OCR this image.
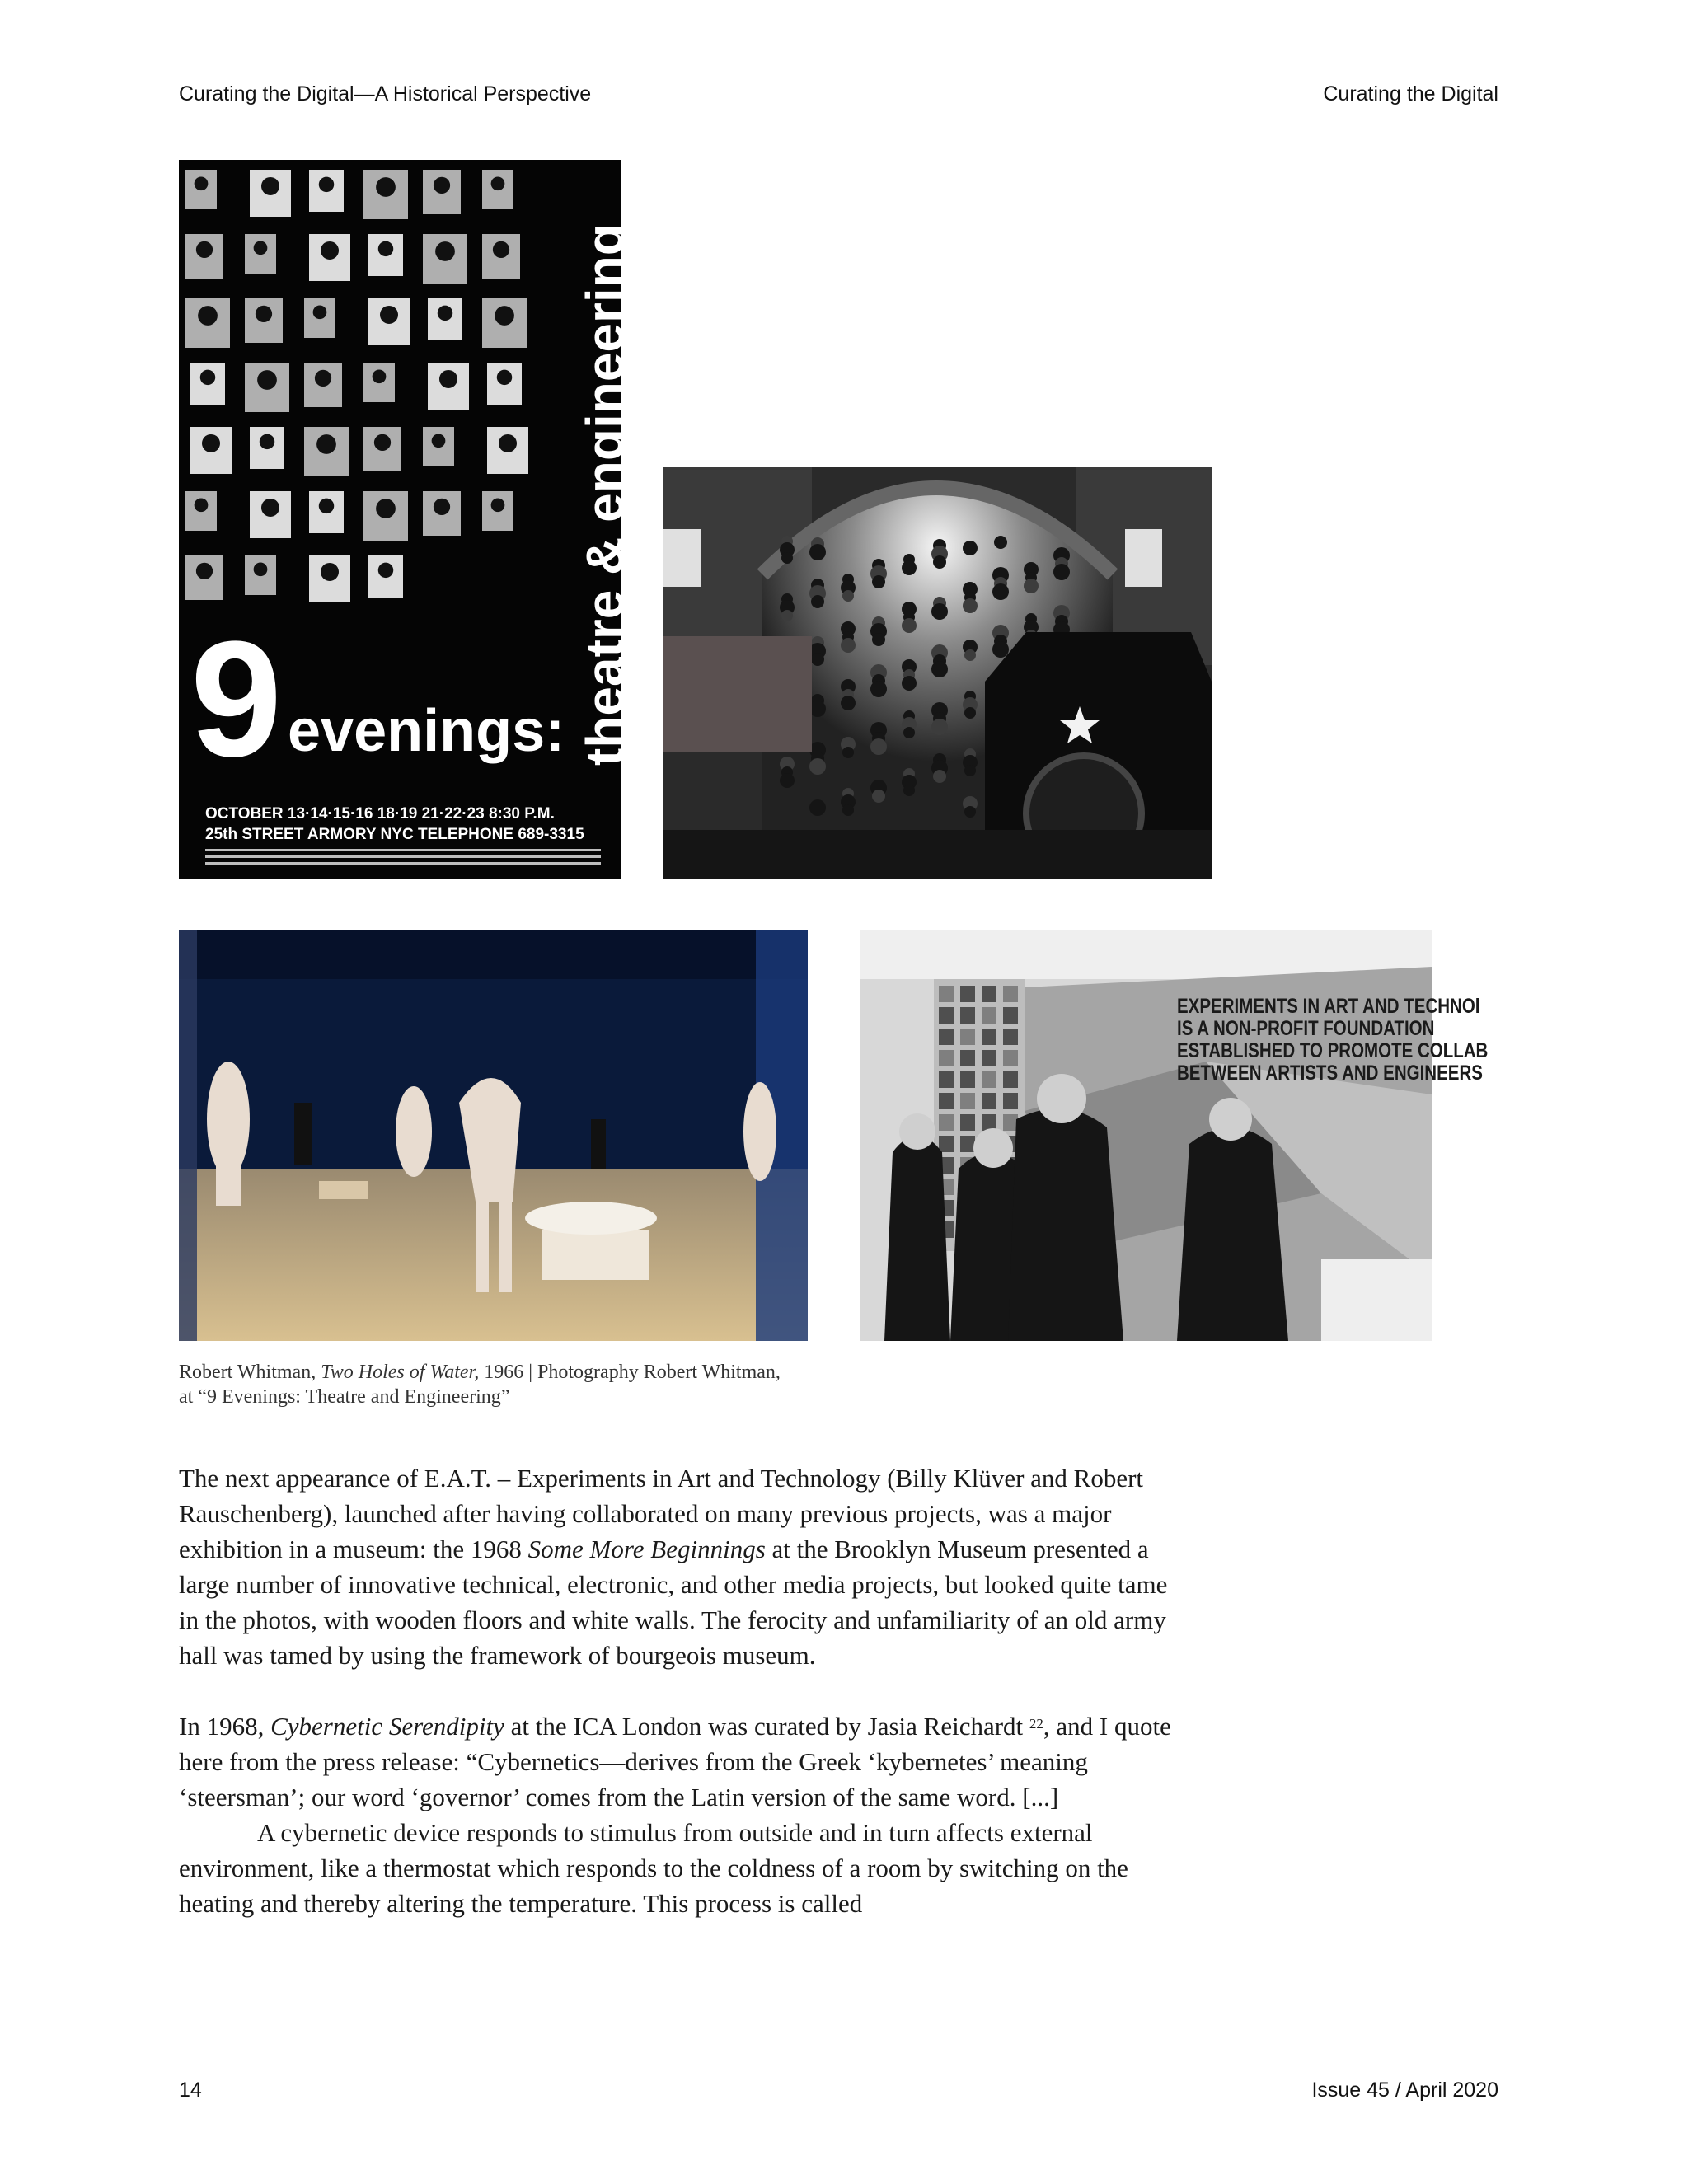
Curating the Digital—A Historical Perspective	Curating the Digital
9 evenings: theatre & engineering
OCTOBER 13·14·15·16 18·19 21·22·23 8:30 P.M.
25th STREET ARMORY NYC TELEPHONE 689-3315
EXPERIMENTS IN ART AND TECHNOl
IS A NON-PROFIT FOUNDATION
ESTABLISHED TO PROMOTE COLLAB
BETWEEN ARTISTS AND ENGINEERS
Robert Whitman, Two Holes of Water, 1966 | Photography Robert Whitman,
at “9 Evenings: Theatre and Engineering”

The next appearance of E.A.T. – Experiments in Art and Technology (Billy Klüver and Robert Rauschenberg), launched after having collaborated on many previous projects, was a major exhibition in a museum: the 1968 Some More Beginnings at the Brooklyn Museum presented a large number of innovative technical, electronic, and other media projects, but looked quite tame in the photos, with wooden floors and white walls. The ferocity and unfamiliarity of an old army hall was tamed by using the framework of bourgeois museum.

In 1968, Cybernetic Serendipity at the ICA London was curated by Jasia Reichardt $^{22}$, and I quote here from the press release: “Cybernetics—derives from the Greek ‘kybernetes’ meaning ‘steersman’; our word ‘governor’ comes from the Latin version of the same word. [...]

A cybernetic device responds to stimulus from outside and in turn affects external environment, like a thermostat which responds to the coldness of a room by switching on the heating and thereby altering the temperature. This process is called

14	Issue 45 / April 2020
